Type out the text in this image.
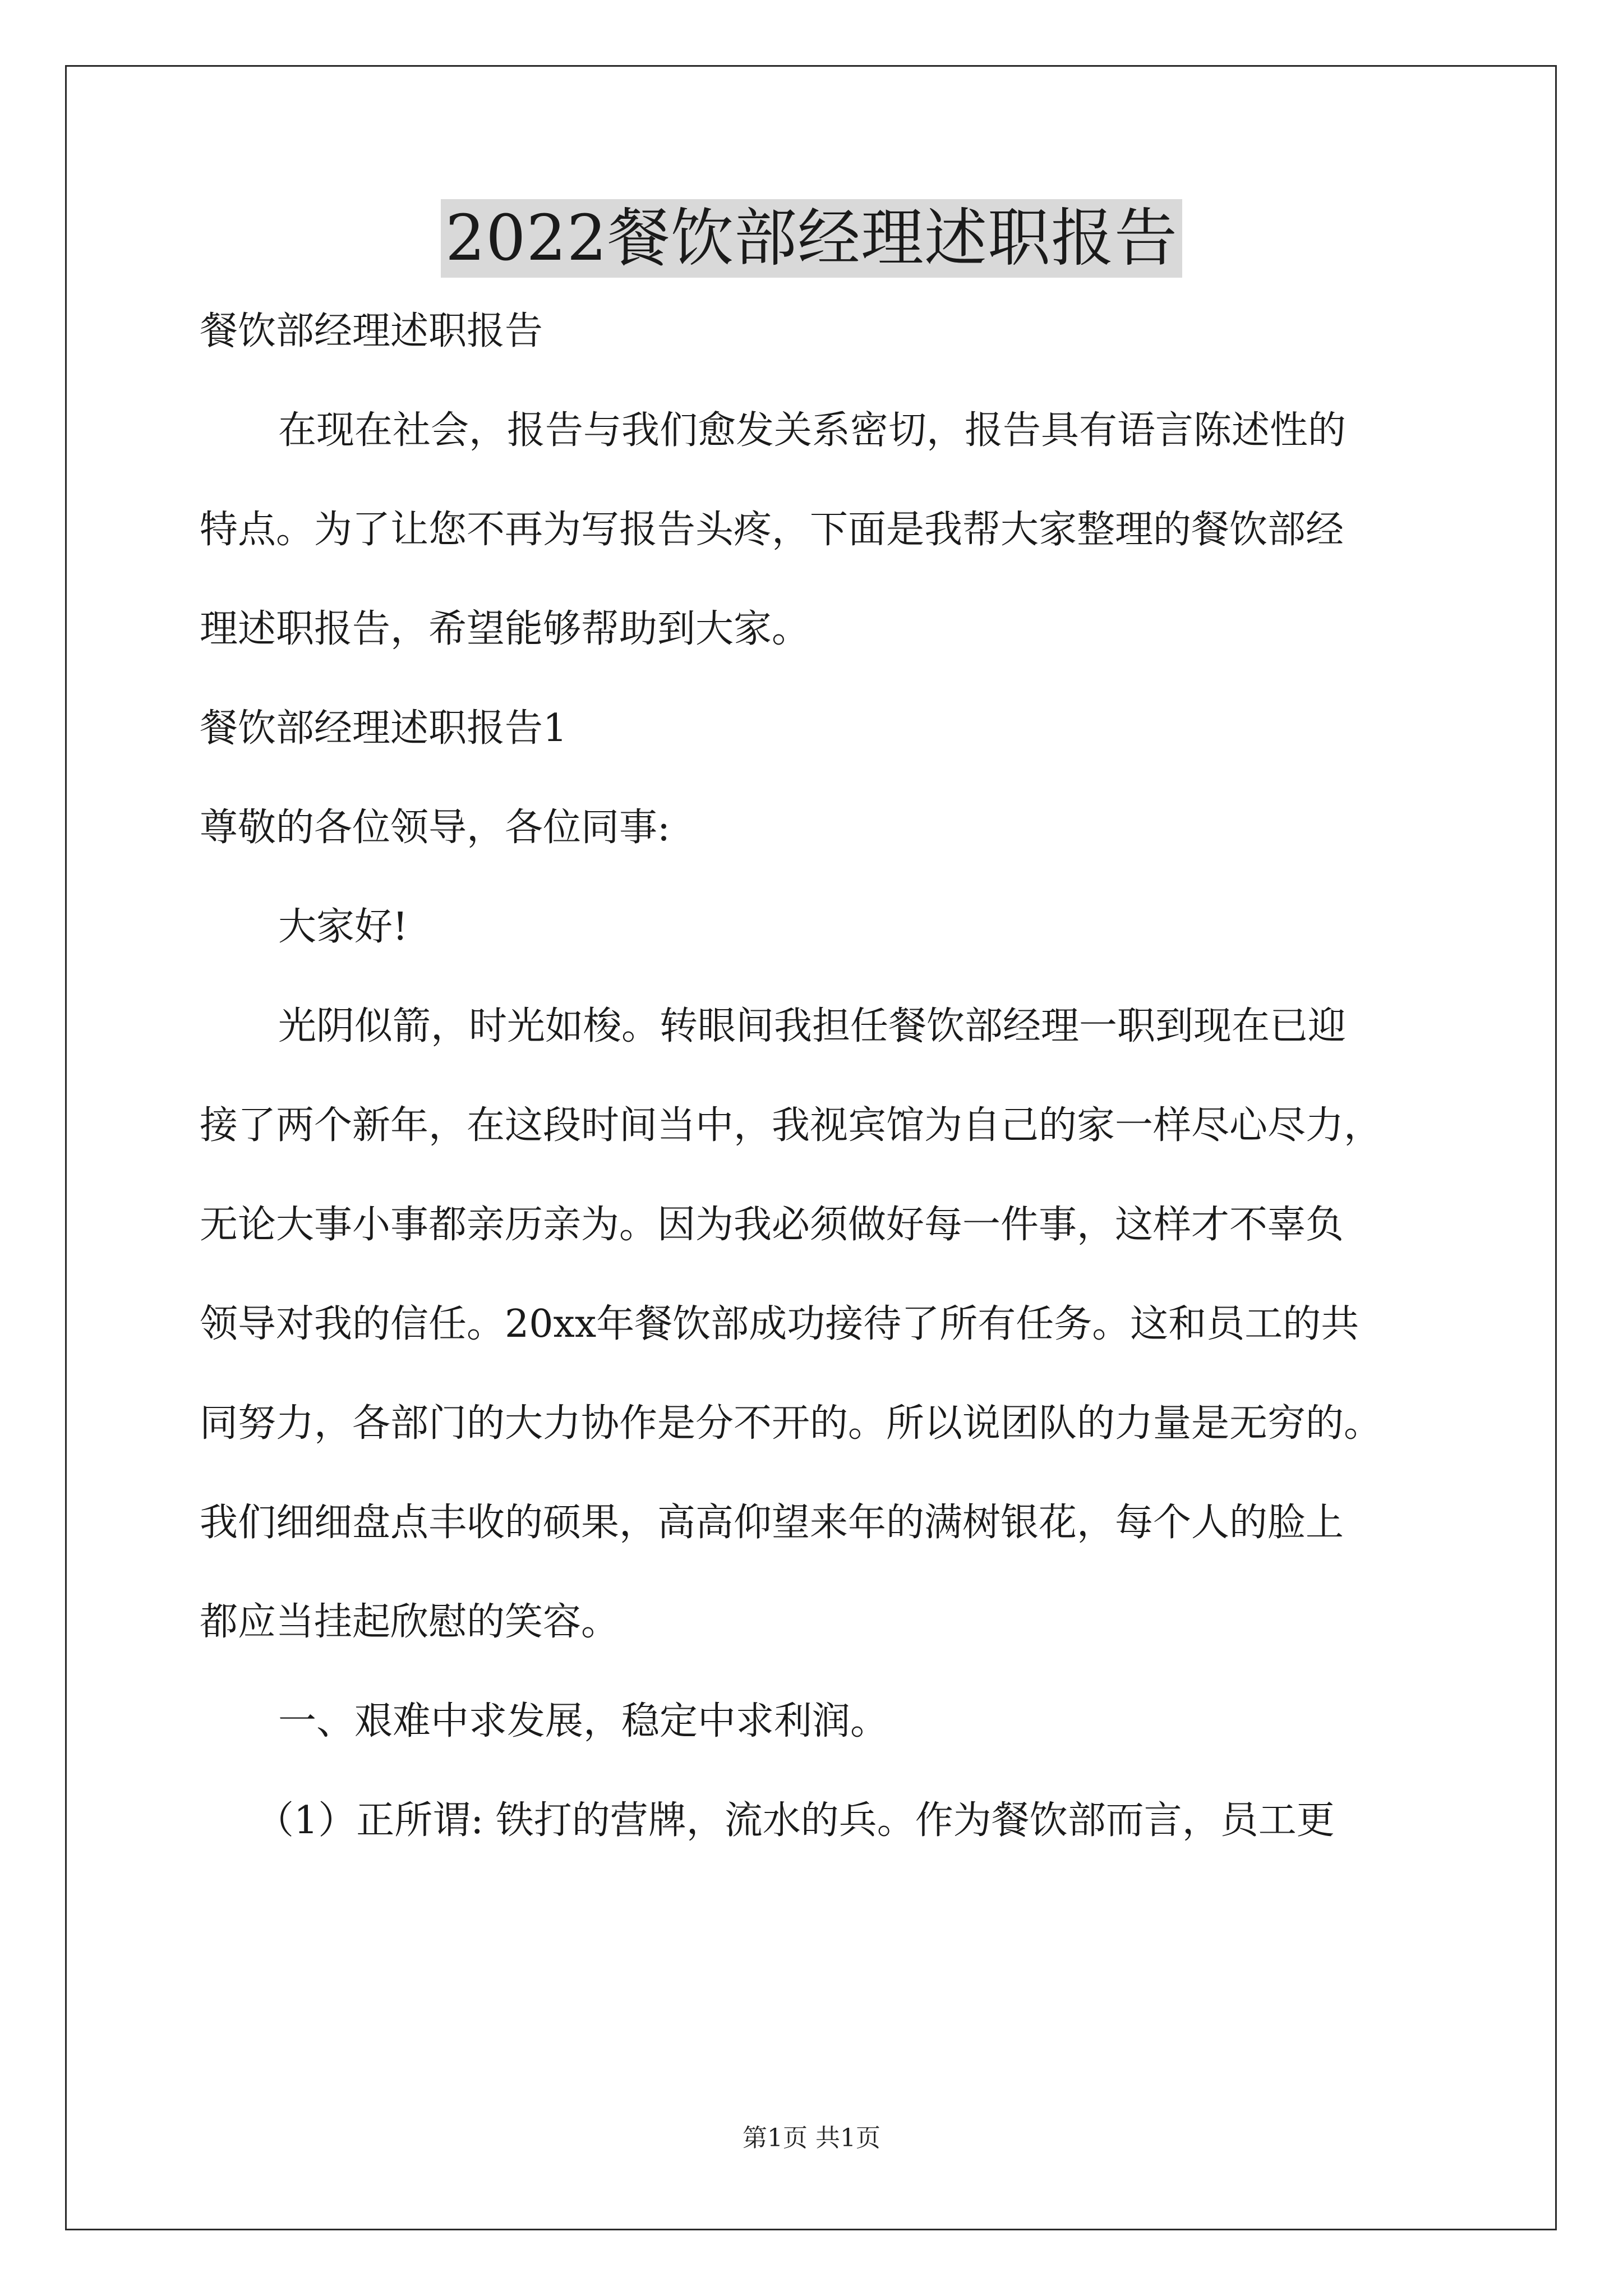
2022餐饮部经理述职报告
餐饮部经理述职报告
在现在社会，报告与我们愈发关系密切，报告具有语言陈述性的
特点。为了让您不再为写报告头疼，下面是我帮大家整理的餐饮部经
理述职报告，希望能够帮助到大家。
餐饮部经理述职报告1
尊敬的各位领导，各位同事:
大家好!
光阴似箭，时光如梭。转眼间我担任餐饮部经理一职到现在已迎
接了两个新年，在这段时间当中，我视宾馆为自己的家一样尽心尽力，
无论大事小事都亲历亲为。因为我必须做好每一件事，这样才不辜负
领导对我的信任。20xx年餐饮部成功接待了所有任务。这和员工的共
同努力，各部门的大力协作是分不开的。所以说团队的力量是无穷的。
我们细细盘点丰收的硕果，高高仰望来年的满树银花，每个人的脸上
都应当挂起欣慰的笑容。
一、艰难中求发展，稳定中求利润。
（1）正所谓: 铁打的营牌，流水的兵。作为餐饮部而言，员工更
第1页 共1页
